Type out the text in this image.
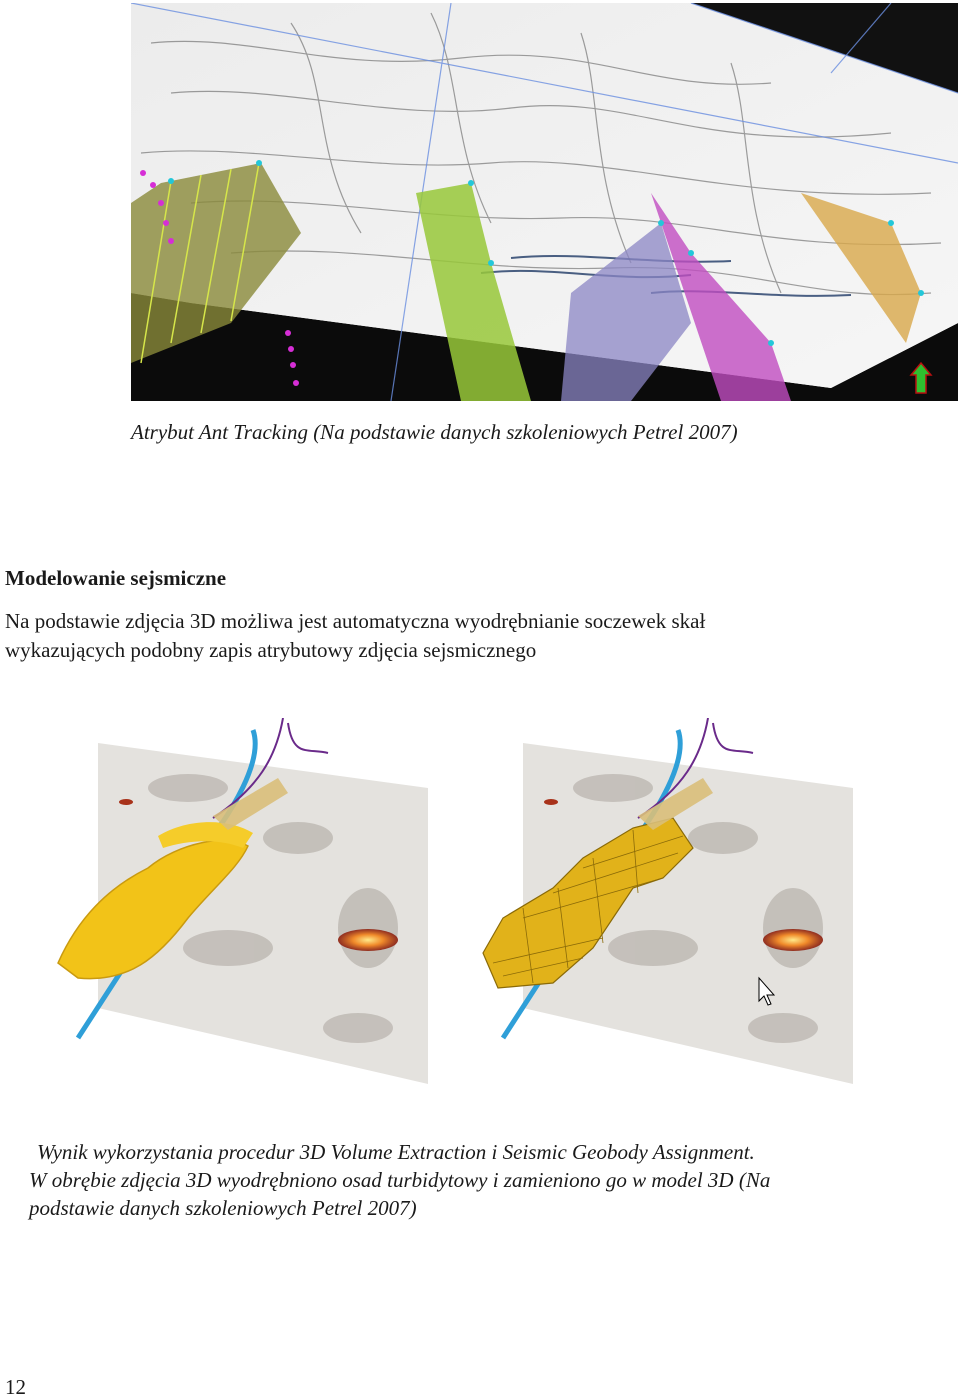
Atrybut Ant Tracking (Na podstawie danych szkoleniowych Petrel 2007)

Modelowanie sejsmiczne

Na podstawie zdjęcia 3D możliwa jest automatyczna wyodrębnianie soczewek skał
wykazujących podobny zapis atrybutowy zdjęcia sejsmicznego

Wynik wykorzystania procedur 3D Volume Extraction i Seismic Geobody Assignment.
W obrębie zdjęcia 3D wyodrębniono osad turbidytowy i zamieniono go w model 3D (Na
podstawie danych szkoleniowych Petrel 2007)

12
